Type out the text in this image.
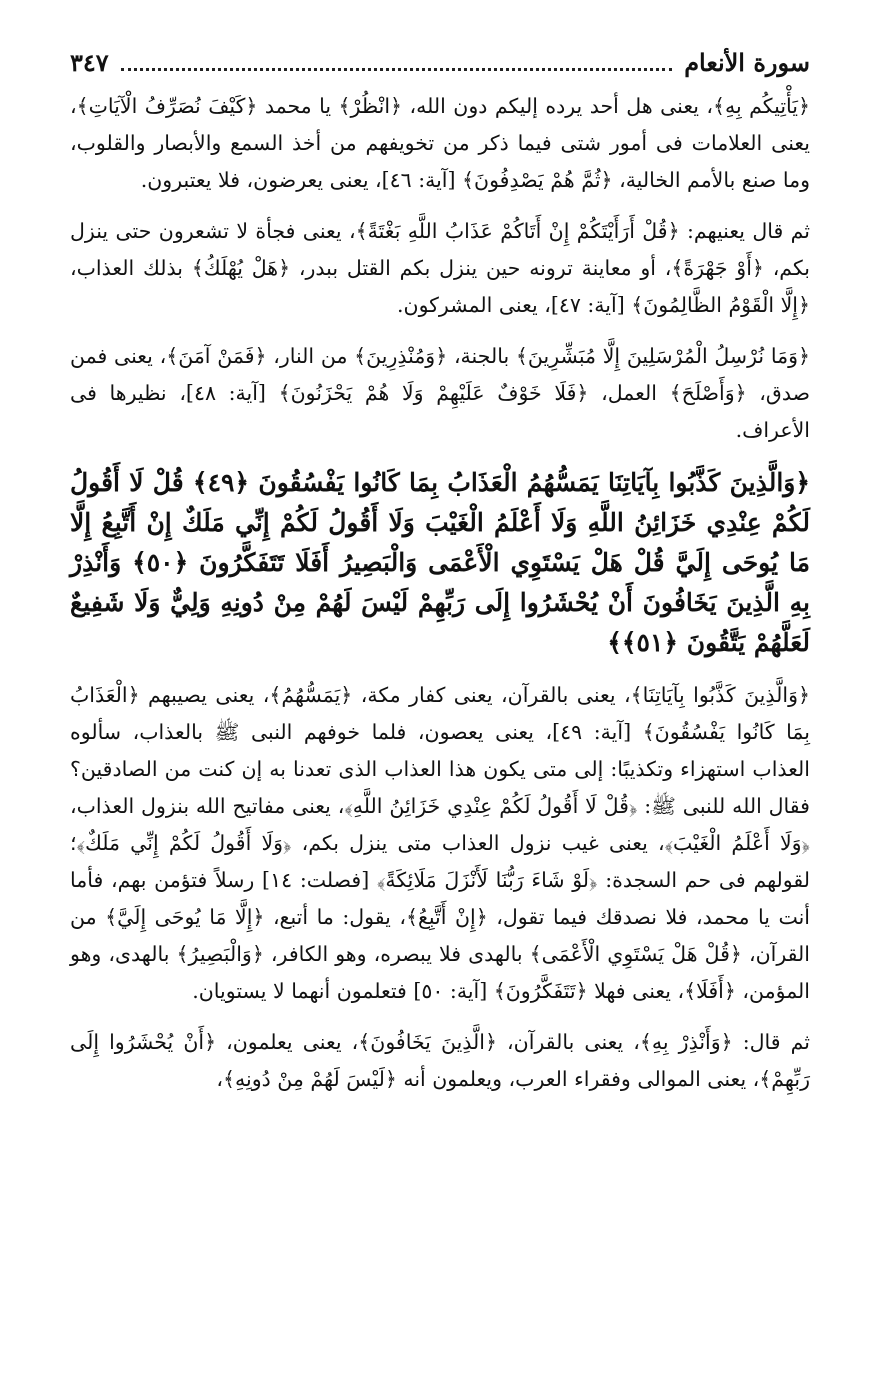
سورة الأنعام
٣٤٧
﴿يَأْتِيكُم بِهِ﴾، يعنى هل أحد يرده إليكم دون الله، ﴿انْظُرْ﴾ يا محمد ﴿كَيْفَ نُصَرِّفُ الْآيَاتِ﴾، يعنى العلامات فى أمور شتى فيما ذكر من تخويفهم من أخذ السمع والأبصار والقلوب، وما صنع بالأمم الخالية، ﴿ثُمَّ هُمْ يَصْدِفُونَ﴾ [آية: ٤٦]، يعنى يعرضون، فلا يعتبرون.
ثم قال يعنيهم: ﴿قُلْ أَرَأَيْتَكُمْ إِنْ أَتَاكُمْ عَذَابُ اللَّهِ بَغْتَةً﴾، يعنى فجأة لا تشعرون حتى ينزل بكم، ﴿أَوْ جَهْرَةً﴾، أو معاينة ترونه حين ينزل بكم القتل ببدر، ﴿هَلْ يُهْلَكُ﴾ بذلك العذاب، ﴿إِلَّا الْقَوْمُ الظَّالِمُونَ﴾ [آية: ٤٧]، يعنى المشركون.
﴿وَمَا نُرْسِلُ الْمُرْسَلِينَ إِلَّا مُبَشِّرِينَ﴾ بالجنة، ﴿وَمُنْذِرِينَ﴾ من النار، ﴿فَمَنْ آمَنَ﴾، يعنى فمن صدق، ﴿وَأَصْلَحَ﴾ العمل، ﴿فَلَا خَوْفٌ عَلَيْهِمْ وَلَا هُمْ يَحْزَنُونَ﴾ [آية: ٤٨]، نظيرها فى الأعراف.
﴿وَالَّذِينَ كَذَّبُوا بِآيَاتِنَا يَمَسُّهُمُ الْعَذَابُ بِمَا كَانُوا يَفْسُقُونَ ﴿٤٩﴾ قُلْ لَا أَقُولُ لَكُمْ عِنْدِي خَزَائِنُ اللَّهِ وَلَا أَعْلَمُ الْغَيْبَ وَلَا أَقُولُ لَكُمْ إِنِّي مَلَكٌ إِنْ أَتَّبِعُ إِلَّا مَا يُوحَى إِلَيَّ قُلْ هَلْ يَسْتَوِي الْأَعْمَى وَالْبَصِيرُ أَفَلَا تَتَفَكَّرُونَ ﴿٥٠﴾ وَأَنْذِرْ بِهِ الَّذِينَ يَخَافُونَ أَنْ يُحْشَرُوا إِلَى رَبِّهِمْ لَيْسَ لَهُمْ مِنْ دُونِهِ وَلِيٌّ وَلَا شَفِيعٌ لَعَلَّهُمْ يَتَّقُونَ ﴿٥١﴾﴾
﴿وَالَّذِينَ كَذَّبُوا بِآيَاتِنَا﴾، يعنى بالقرآن، يعنى كفار مكة، ﴿يَمَسُّهُمُ﴾، يعنى يصيبهم ﴿الْعَذَابُ بِمَا كَانُوا يَفْسُقُونَ﴾ [آية: ٤٩]، يعنى يعصون، فلما خوفهم النبى ﷺ بالعذاب، سألوه العذاب استهزاء وتكذيبًا: إلى متى يكون هذا العذاب الذى تعدنا به إن كنت من الصادقين؟ فقال الله للنبى ﷺ: ﴿قُلْ لَا أَقُولُ لَكُمْ عِنْدِي خَزَائِنُ اللَّهِ﴾، يعنى مفاتيح الله بنزول العذاب، ﴿وَلَا أَعْلَمُ الْغَيْبَ﴾، يعنى غيب نزول العذاب متى ينزل بكم، ﴿وَلَا أَقُولُ لَكُمْ إِنِّي مَلَكٌ﴾؛ لقولهم فى حم السجدة: ﴿لَوْ شَاءَ رَبُّنَا لَأَنْزَلَ مَلَائِكَةً﴾ [فصلت: ١٤] رسلاً فتؤمن بهم، فأما أنت يا محمد، فلا نصدقك فيما تقول، ﴿إِنْ أَتَّبِعُ﴾، يقول: ما أتبع، ﴿إِلَّا مَا يُوحَى إِلَيَّ﴾ من القرآن، ﴿قُلْ هَلْ يَسْتَوِي الْأَعْمَى﴾ بالهدى فلا يبصره، وهو الكافر، ﴿وَالْبَصِيرُ﴾ بالهدى، وهو المؤمن، ﴿أَفَلَا﴾، يعنى فهلا ﴿تَتَفَكَّرُونَ﴾ [آية: ٥٠] فتعلمون أنهما لا يستويان.
ثم قال: ﴿وَأَنْذِرْ بِهِ﴾، يعنى بالقرآن، ﴿الَّذِينَ يَخَافُونَ﴾، يعنى يعلمون، ﴿أَنْ يُحْشَرُوا إِلَى رَبِّهِمْ﴾، يعنى الموالى وفقراء العرب، ويعلمون أنه ﴿لَيْسَ لَهُمْ مِنْ دُونِهِ﴾،
